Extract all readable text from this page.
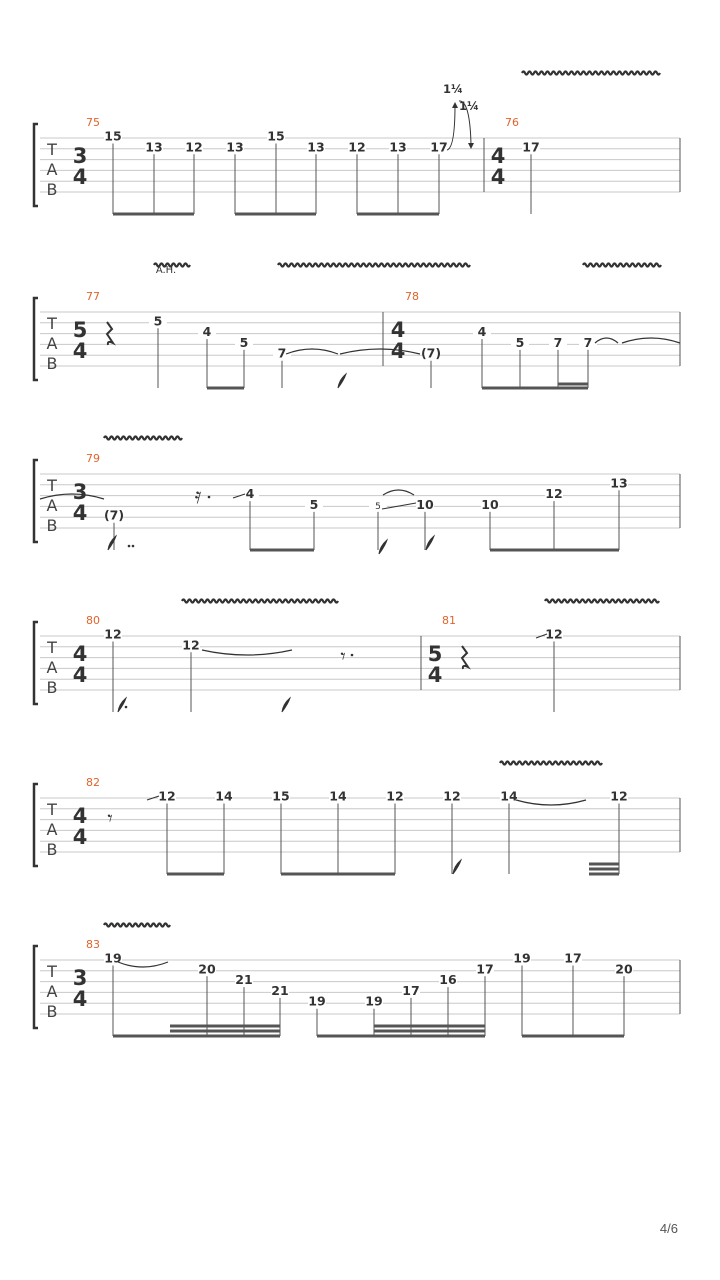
T
A
B
75
3
4
15
13 12 13
15
13 12 13 17
76
4
4
17
T
A
B
77
5
4
5
4
5
7
78
4
4 (7)
4
5 7 7
T
A
B
79
3
4 (7)
4
5	5	10	10
12
13
T
A
B
80
4
4
12
12
81
5
4
12
T
A
B
82
4
4
12	14	15	14	12	12	14	12
T
A
B
83
3
4
19
20
21
21
19	19
17
16
17
19	17
20
𝄿
𝄾
𝄾
1¼
1¼
A.H.
4/6
